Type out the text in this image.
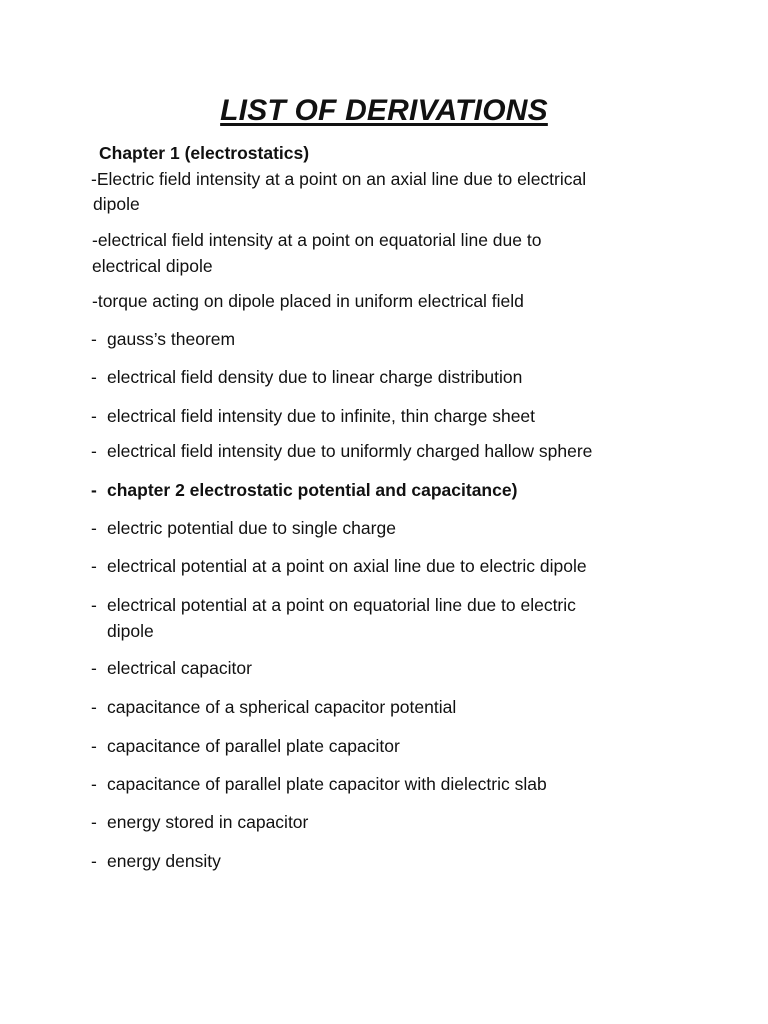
LIST OF DERIVATIONS
Chapter 1 (electrostatics)
-Electric field intensity at a point on an axial line due to electrical
dipole
-electrical field intensity at a point on equatorial line due to
electrical dipole
-torque acting on dipole placed in uniform electrical field
- gauss’s theorem
- electrical field density due to linear charge distribution
- electrical field intensity due to infinite, thin charge sheet
- electrical field intensity due to uniformly charged hallow sphere
- chapter 2 electrostatic potential and capacitance)
- electric potential due to single charge
- electrical potential at a point on axial line due to electric dipole
- electrical potential at a point on equatorial line due to electric
dipole
- electrical capacitor
- capacitance of a spherical capacitor potential
- capacitance of parallel plate capacitor
- capacitance of parallel plate capacitor with dielectric slab
- energy stored in capacitor
- energy density
